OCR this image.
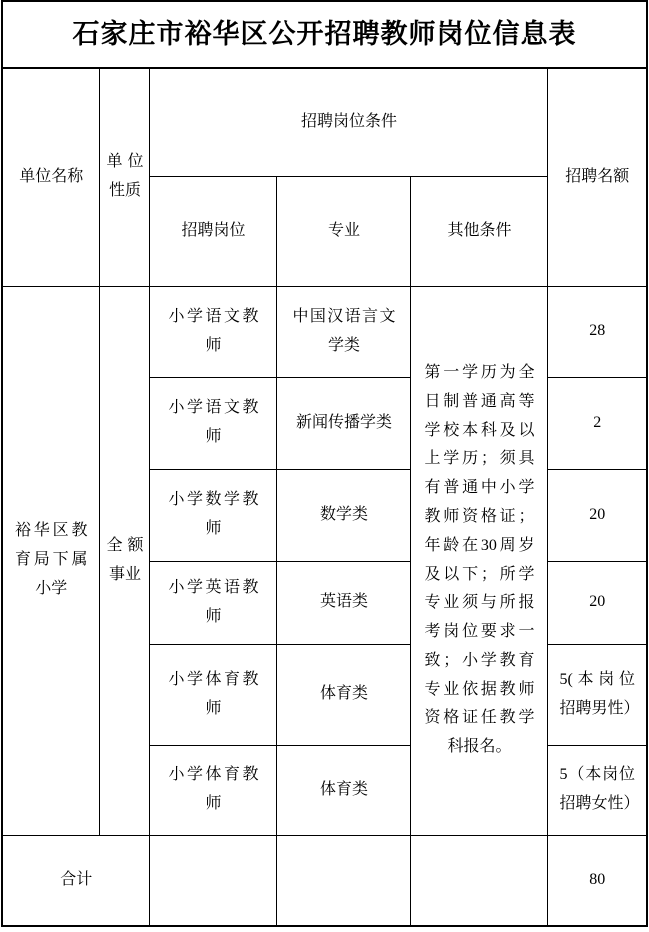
石家庄市裕华区公开招聘教师岗位信息表					
单位名称	单位性质	招聘岗位条件			招聘名额
		招聘岗位	专业	其他条件	
裕华区教育局下属小学	全额事业	小学语文教师	中国汉语言文学类	第一学历为全日制普通高等学校本科及以上学历；须具有普通中小学教师资格证；年龄在30周岁及以下；所学专业须与所报考岗位要求一致；小学教育专业依据教师资格证任教学科报名。	28
		小学语文教师	新闻传播学类		2
		小学数学教师	数学类		20
		小学英语教师	英语类		20
		小学体育教师	体育类		5(本岗位招聘男性）
		小学体育教师	体育类		5（本岗位招聘女性）
合计					80
